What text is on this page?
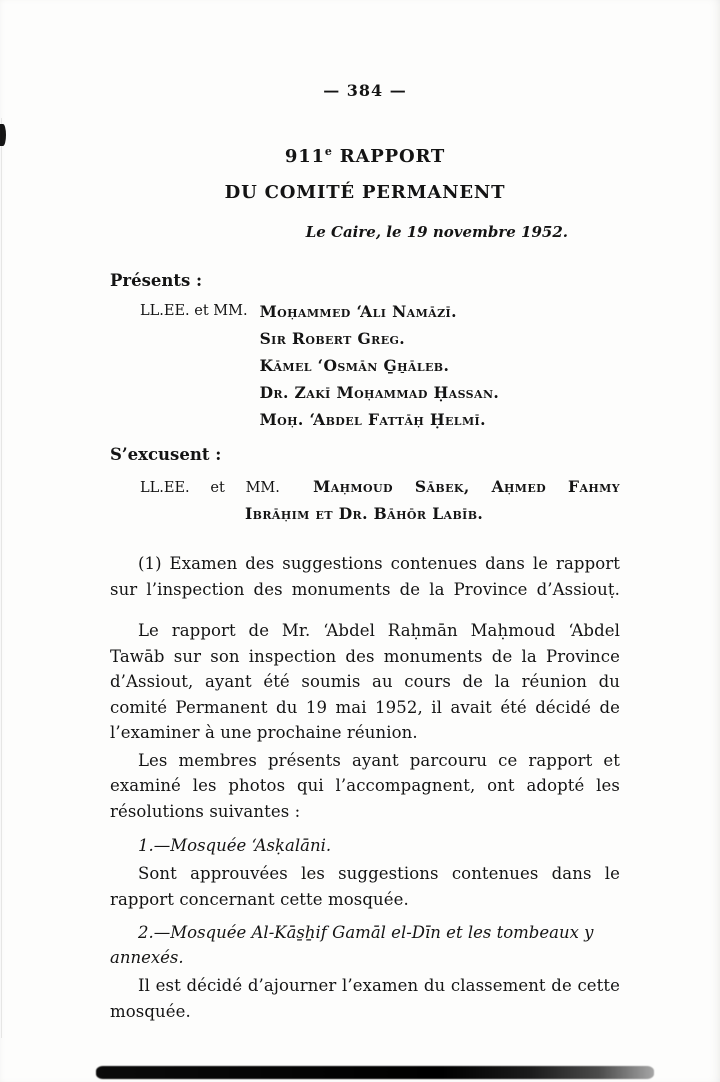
— 384 —
911e RAPPORT
DU COMITÉ PERMANENT
Le Caire, le 19 novembre 1952.
Présents :
LL.EE. et MM. Moḥammed ‘Ali Namāzī.
Sir Robert Greg.
Kāmel ‘Osmān G̱ẖāleb.
Dr. Zakī Moḥammad Ḥassan.
Moḥ. ‘Abdel Fattāḥ Ḥelmī.
S’excusent :
LL.EE. et MM. Maḥmoud Sābek, Aḥmed Fahmy
Ibrāḥim et Dr. Bāhōr Labīb.

(1) Examen des suggestions contenues dans le rapport sur l’inspection des monuments de la Province d’Assiouṭ.

Le rapport de Mr. ‘Abdel Raḥmān Maḥmoud ‘Abdel Tawāb sur son inspection des monuments de la Province d’Assiout, ayant été soumis au cours de la réunion du comité Permanent du 19 mai 1952, il avait été décidé de l’examiner à une prochaine réunion.

Les membres présents ayant parcouru ce rapport et examiné les photos qui l’accompagnent, ont adopté les résolutions suivantes :

1.—Mosquée ‘Asḳalāni.

Sont approuvées les suggestions contenues dans le rapport concernant cette mosquée.

2.—Mosquée Al-Kās̱ẖif Gamāl el-Dīn et les tombeaux y annexés.

Il est décidé d’ajourner l’examen du classement de cette mosquée.
